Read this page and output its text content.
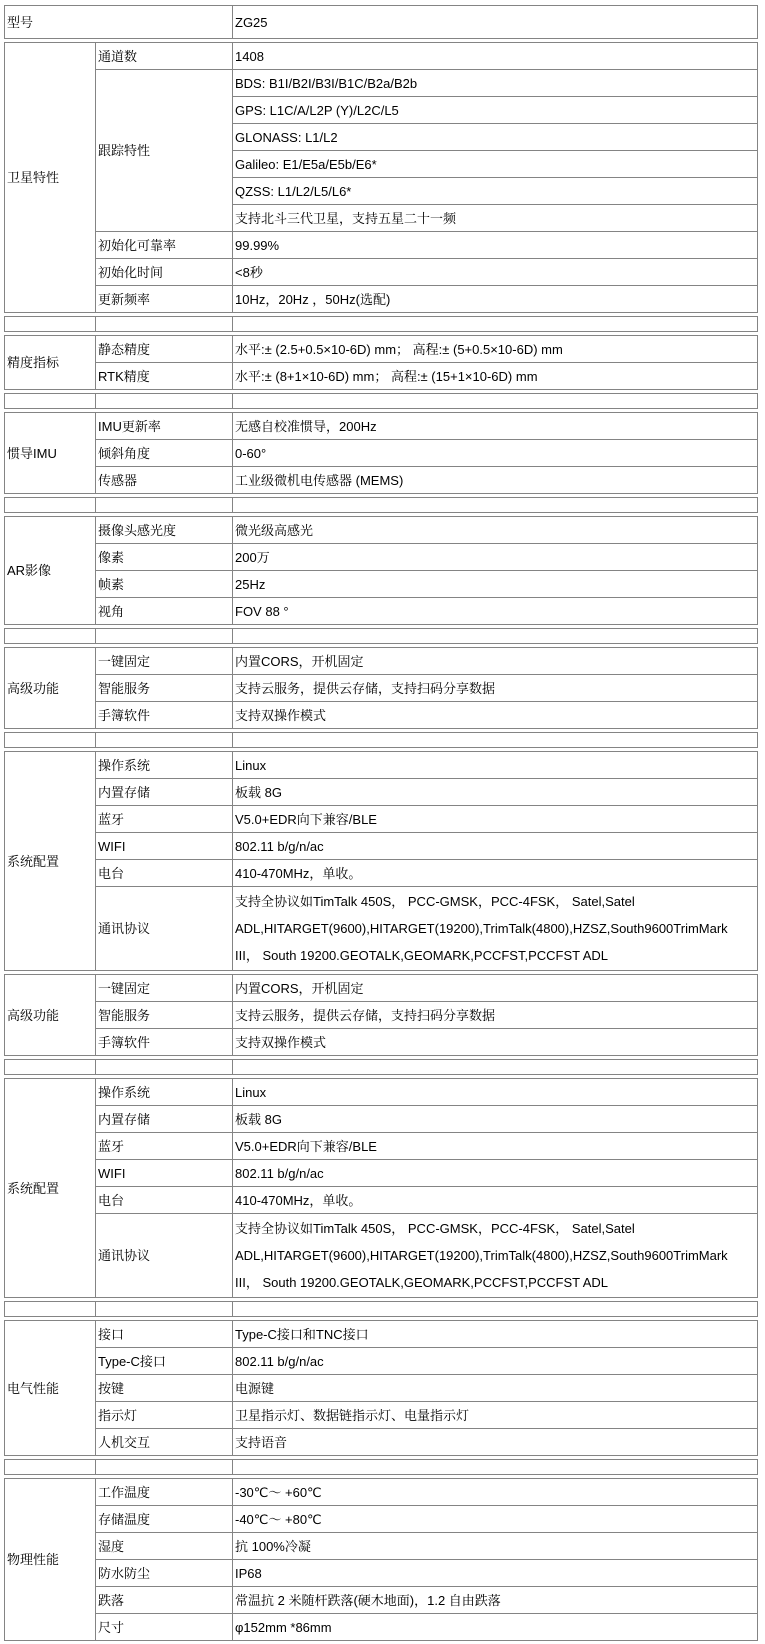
型号	ZG25
卫星特性	通道数	1408
	跟踪特性	BDS: B1I/B2I/B3I/B1C/B2a/B2b
		GPS: L1C/A/L2P (Y)/L2C/L5
		GLONASS: L1/L2
		Galileo: E1/E5a/E5b/E6*
		QZSS: L1/L2/L5/L6*
		支持北斗三代卫星，支持五星二十一频
	初始化可靠率	99.99%
	初始化时间	<8秒
	更新频率	10Hz，20Hz ，50Hz(选配)

精度指标	静态精度	水平:± (2.5+0.5×10-6D) mm； 高程:± (5+0.5×10-6D) mm
	RTK精度	水平:± (8+1×10-6D) mm； 高程:± (15+1×10-6D) mm

惯导IMU	IMU更新率	无感自校准惯导，200Hz
	倾斜角度	0-60°
	传感器	工业级微机电传感器 (MEMS)

AR影像	摄像头感光度	微光级高感光
	像素	200万
	帧素	25Hz
	视角	FOV 88 °

高级功能	一键固定	内置CORS，开机固定
	智能服务	支持云服务，提供云存储，支持扫码分享数据
	手簿软件	支持双操作模式

系统配置	操作系统	Linux
	内置存储	板载 8G
	蓝牙	V5.0+EDR向下兼容/BLE
	WIFI	802.11 b/g/n/ac
	电台	410-470MHz，单收。
	通讯协议	支持全协议如TimTalk 450S， PCC-GMSK，PCC-4FSK， Satel,Satel ADL,HITARGET(9600),HITARGET(19200),TrimTalk(4800),HZSZ,South9600TrimMark III， South 19200.GEOTALK,GEOMARK,PCCFST,PCCFST ADL
高级功能	一键固定	内置CORS，开机固定
	智能服务	支持云服务，提供云存储，支持扫码分享数据
	手簿软件	支持双操作模式

系统配置	操作系统	Linux
	内置存储	板载 8G
	蓝牙	V5.0+EDR向下兼容/BLE
	WIFI	802.11 b/g/n/ac
	电台	410-470MHz，单收。
	通讯协议	支持全协议如TimTalk 450S， PCC-GMSK，PCC-4FSK， Satel,Satel ADL,HITARGET(9600),HITARGET(19200),TrimTalk(4800),HZSZ,South9600TrimMark III， South 19200.GEOTALK,GEOMARK,PCCFST,PCCFST ADL

电气性能	接口	Type-C接口和TNC接口
	Type-C接口	802.11 b/g/n/ac
	按键	电源键
	指示灯	卫星指示灯、数据链指示灯、电量指示灯
	人机交互	支持语音

物理性能	工作温度	-30℃～ +60℃
	存储温度	-40℃～ +80℃
	湿度	抗 100%冷凝
	防水防尘	IP68
	跌落	常温抗 2 米随杆跌落(硬木地面)，1.2 自由跌落
	尺寸	φ152mm *86mm
